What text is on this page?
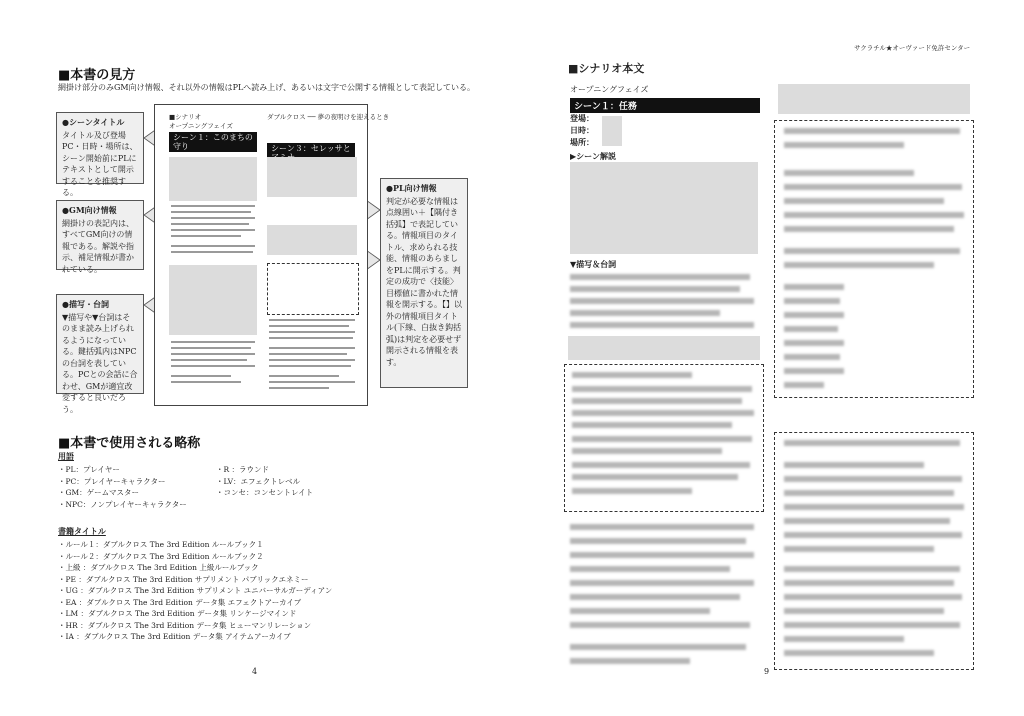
■本書の見方
網掛け部分のみGM向け情報、それ以外の情報はPLへ読み上げ、あるいは文字で公開する情報として表記している。
●シーンタイトル
タイトル及び登場PC・日時・場所は、シーン開始前にPLにテキストとして開示することを推奨する。
●GM向け情報
網掛けの表記内は、すべてGM向けの情報である。解説や指示、補足情報が書かれている。
●描写・台詞
▼描写や▼台詞はそのまま読み上げられるようになっている。鍵括弧内はNPCの台詞を表している。PCとの会話に合わせ、GMが適宜改変すると良いだろう。
●PL向け情報
判定が必要な情報は点線囲い＋【隅付き括弧】で表記している。情報項目のタイトル、求められる技能、情報のあらましをPLに開示する。判定の成功で〈技能〉目標値に書かれた情報を開示する。【】以外の情報項目タイトル(下線、白抜き鈎括弧)は判定を必要せず開示される情報を表す。
■シナリオ
オープニングフェイズ
シーン１：このまちの守り
ダブルクロス ── 夢の夜明けを迎えるとき
シーン３：セレッサと
■本書で使用される略称
用語
・PL：プレイヤー
・PC：プレイヤーキャラクター
・GM：ゲームマスター
・NPC：ノンプレイヤーキャラクター
・R ：ラウンド
・LV：エフェクトレベル
・コンセ：コンセントレイト
書籍タイトル
・ルール１：ダブルクロス The 3rd Edition ルールブック１
・ルール２：ダブルクロス The 3rd Edition ルールブック２
・上級 ：ダブルクロス The 3rd Edition 上級ルールブック
・PE ：ダブルクロス The 3rd Edition サプリメント パブリックエネミー
・UG ：ダブルクロス The 3rd Edition サプリメント ユニバーサルガーディアン
・EA ：ダブルクロス The 3rd Edition データ集 エフェクトアーカイブ
・LM ：ダブルクロス The 3rd Edition データ集 リンケージマインド
・HR ：ダブルクロス The 3rd Edition データ集 ヒューマンリレーション
・IA ：ダブルクロス The 3rd Edition データ集 アイテムアーカイブ
4
サクラチル★オーヴァード免許センター
■シナリオ本文
オープニングフェイズ
シーン１：任務
登場：
日時：
場所：
▶シーン解説
▼描写＆台詞
9
